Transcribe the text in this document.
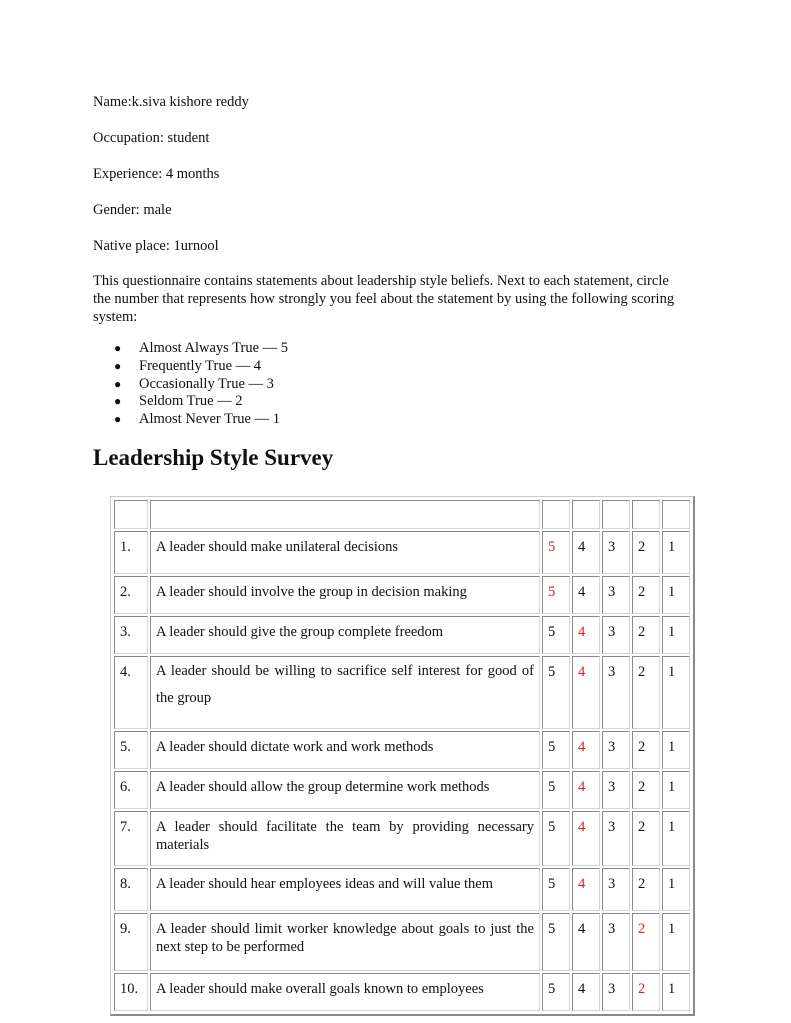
Name:k.siva kishore reddy

Occupation: student

Experience: 4 months

Gender: male

Native place: 1urnool

This questionnaire contains statements about leadership style beliefs. Next to each statement, circle the number that represents how strongly you feel about the statement by using the following scoring system:

● Almost Always True — 5
● Frequently True — 4
● Occasionally True — 3
● Seldom True — 2
● Almost Never True — 1
Leadership Style Survey

1.	A leader should make unilateral decisions	5	4	3	2	1
2.	A leader should involve the group in decision making	5	4	3	2	1
3.	A leader should give the group complete freedom	5	4	3	2	1
4.	A leader should be willing to sacrifice self interest for good of the group	5	4	3	2	1
5.	A leader should dictate work and work methods	5	4	3	2	1
6.	A leader should allow the group determine work methods	5	4	3	2	1
7.	A leader should facilitate the team by providing necessary materials	5	4	3	2	1
8.	A leader should hear employees ideas and will value them	5	4	3	2	1
9.	A leader should limit worker knowledge about goals to just the next step to be performed	5	4	3	2	1
10.	A leader should make overall goals known to employees	5	4	3	2	1
